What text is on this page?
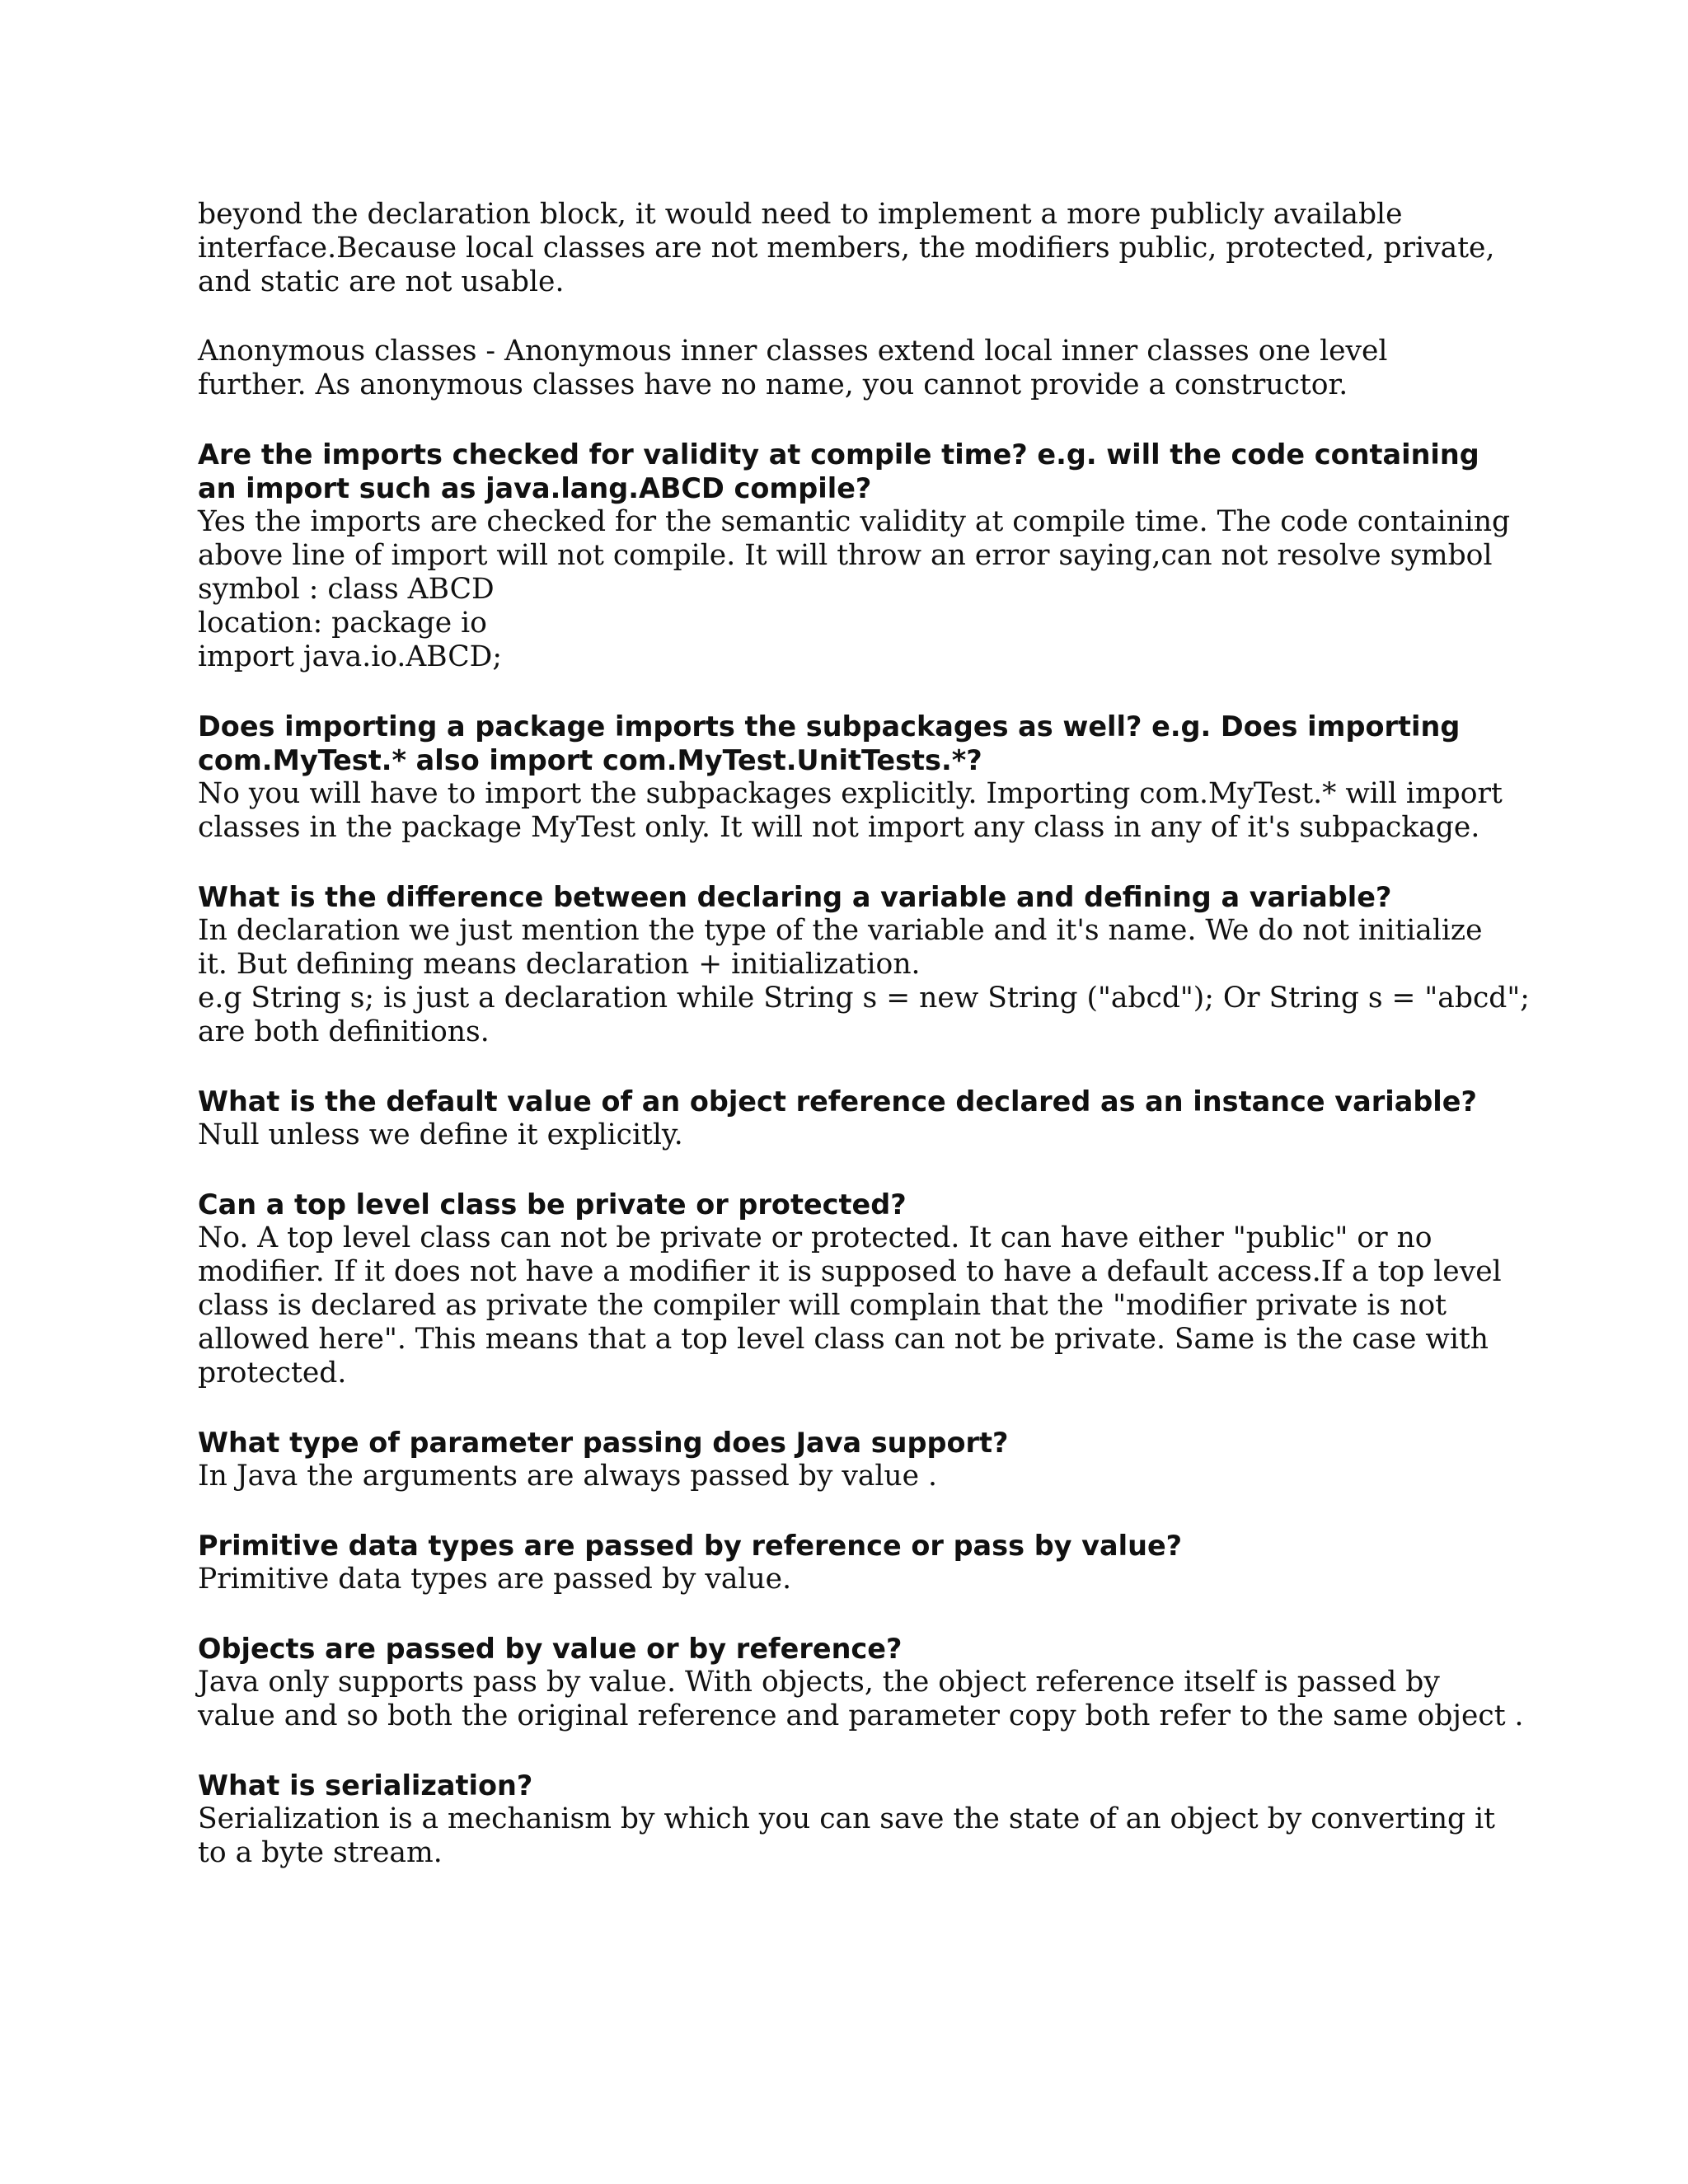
beyond the declaration block, it would need to implement a more publicly available
interface.Because local classes are not members, the modifiers public, protected, private,
and static are not usable.

Anonymous classes - Anonymous inner classes extend local inner classes one level
further. As anonymous classes have no name, you cannot provide a constructor.

Are the imports checked for validity at compile time? e.g. will the code containing
an import such as java.lang.ABCD compile?

Yes the imports are checked for the semantic validity at compile time. The code containing
above line of import will not compile. It will throw an error saying,can not resolve symbol
symbol : class ABCD
location: package io
import java.io.ABCD;

Does importing a package imports the subpackages as well? e.g. Does importing
com.MyTest.* also import com.MyTest.UnitTests.*?

No you will have to import the subpackages explicitly. Importing com.MyTest.* will import
classes in the package MyTest only. It will not import any class in any of it's subpackage.

What is the difference between declaring a variable and defining a variable?

In declaration we just mention the type of the variable and it's name. We do not initialize
it. But defining means declaration + initialization.
e.g String s; is just a declaration while String s = new String ("abcd"); Or String s = "abcd";
are both definitions.

What is the default value of an object reference declared as an instance variable?

Null unless we define it explicitly.

Can a top level class be private or protected?

No. A top level class can not be private or protected. It can have either "public" or no
modifier. If it does not have a modifier it is supposed to have a default access.If a top level
class is declared as private the compiler will complain that the "modifier private is not
allowed here". This means that a top level class can not be private. Same is the case with
protected.

What type of parameter passing does Java support?

In Java the arguments are always passed by value .

Primitive data types are passed by reference or pass by value?

Primitive data types are passed by value.

Objects are passed by value or by reference?

Java only supports pass by value. With objects, the object reference itself is passed by
value and so both the original reference and parameter copy both refer to the same object .

What is serialization?

Serialization is a mechanism by which you can save the state of an object by converting it
to a byte stream.
